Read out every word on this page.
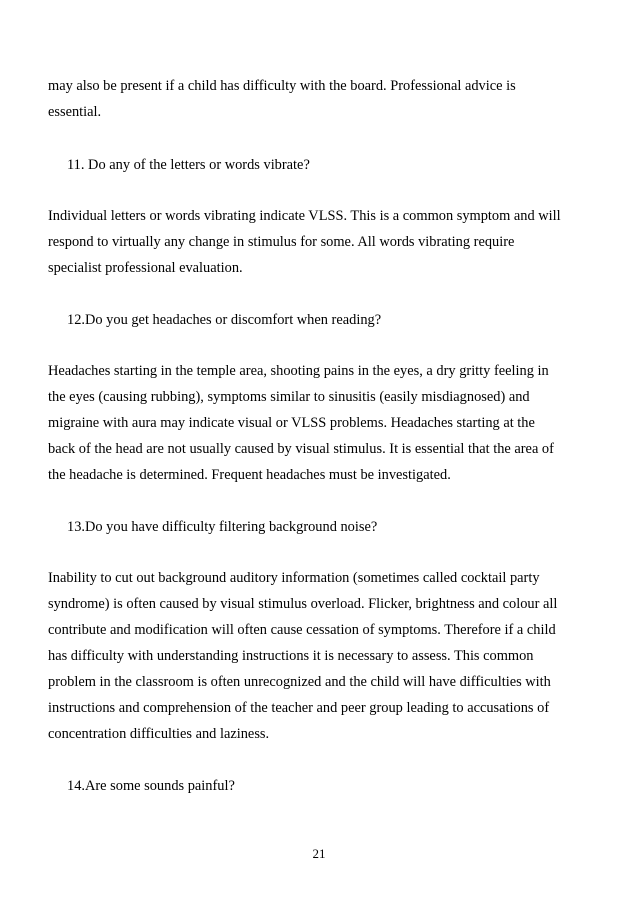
may also be present if a child has difficulty with the board. Professional advice is
essential.
11. Do any of the letters or words vibrate?
Individual letters or words vibrating indicate VLSS. This is a common symptom and will
respond to virtually any change in stimulus for some. All words vibrating require
specialist professional evaluation.
12.Do you get headaches or discomfort when reading?
Headaches starting in the temple area, shooting pains in the eyes, a dry gritty feeling in
the eyes (causing rubbing), symptoms similar to sinusitis (easily misdiagnosed) and
migraine with aura may indicate visual or VLSS problems. Headaches starting at the
back of the head are not usually caused by visual stimulus. It is essential that the area of
the headache is determined. Frequent headaches must be investigated.
13.Do you have difficulty filtering background noise?
Inability to cut out background auditory information (sometimes called cocktail party
syndrome) is often caused by visual stimulus overload. Flicker, brightness and colour all
contribute and modification will often cause cessation of symptoms. Therefore if a child
has difficulty with understanding instructions it is necessary to assess. This common
problem in the classroom is often unrecognized and the child will have difficulties with
instructions and comprehension of the teacher and peer group leading to accusations of
concentration difficulties and laziness.
14.Are some sounds painful?
21
